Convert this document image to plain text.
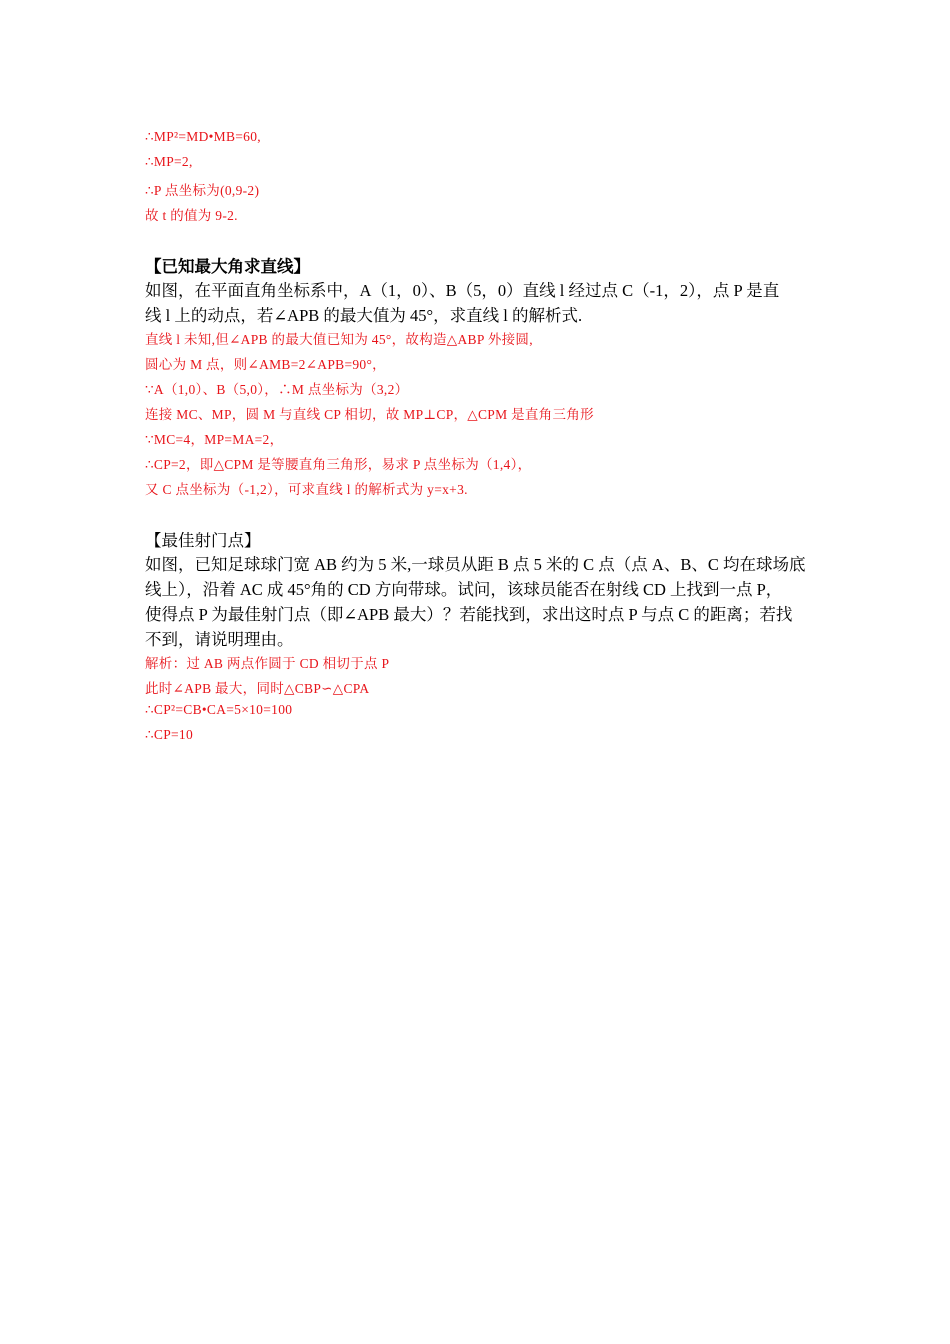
∴MP²=MD•MB=60,
∴MP=2,
∴P 点坐标为(0,9-2)
故 t 的值为 9-2.
【已知最大角求直线】
如图，在平面直角坐标系中，A（1，0）、B（5，0）直线 l 经过点 C（-1，2），点 P 是直
线 l 上的动点，若∠APB 的最大值为 45°，求直线 l 的解析式.
直线 l 未知,但∠APB 的最大值已知为 45°，故构造△ABP 外接圆,
圆心为 M 点，则∠AMB=2∠APB=90°，
∵A（1,0）、B（5,0），∴M 点坐标为（3,2）
连接 MC、MP，圆 M 与直线 CP 相切，故 MP⊥CP，△CPM 是直角三角形
∵MC=4，MP=MA=2，
∴CP=2，即△CPM 是等腰直角三角形，易求 P 点坐标为（1,4），
又 C 点坐标为（-1,2），可求直线 l 的解析式为 y=x+3.
【最佳射门点】
如图，已知足球球门宽 AB 约为 5 米,一球员从距 B 点 5 米的 C 点（点 A、B、C 均在球场底
线上），沿着 AC 成 45°角的 CD 方向带球。试问，该球员能否在射线 CD 上找到一点 P，
使得点 P 为最佳射门点（即∠APB 最大）？若能找到，求出这时点 P 与点 C 的距离；若找
不到，请说明理由。
解析：过 AB 两点作圆于 CD 相切于点 P
此时∠APB 最大，同时△CBP∽△CPA
∴CP²=CB•CA=5×10=100
∴CP=10
